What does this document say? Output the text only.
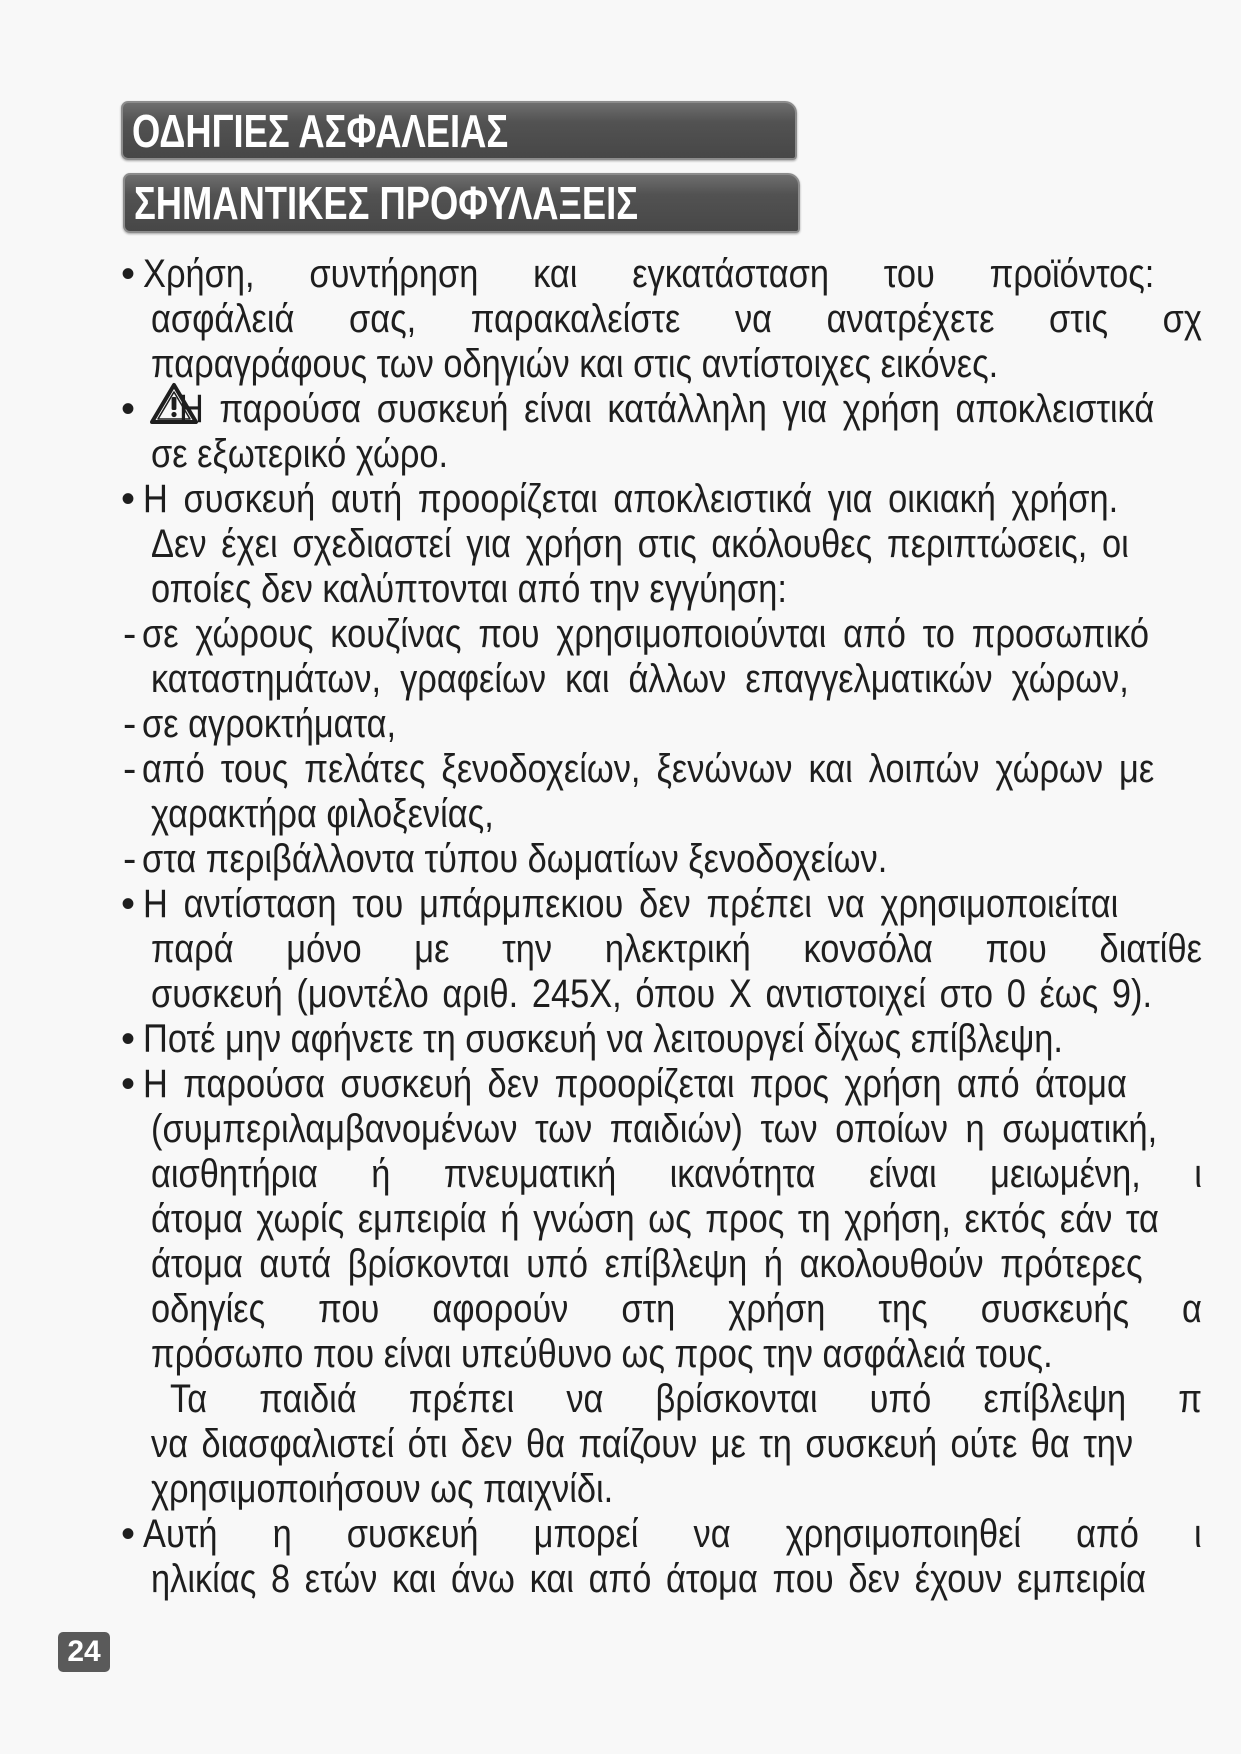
ΟΔΗΓΙΕΣ ΑΣΦΑΛΕΙΑΣ
ΣΗΜΑΝΤΙΚΕΣ ΠΡΟΦΥΛΑΞΕΙΣ
• Χρήση, συντήρηση και εγκατάσταση του προϊόντος:
ασφάλειά σας, παρακαλείστε να ανατρέχετε στις σχ
παραγράφους των οδηγιών και στις αντίστοιχες εικόνες.
• Η παρούσα συσκευή είναι κατάλληλη για χρήση αποκλειστικά
σε εξωτερικό χώρο.
• Η συσκευή αυτή προορίζεται αποκλειστικά για οικιακή χρήση.
Δεν έχει σχεδιαστεί για χρήση στις ακόλουθες περιπτώσεις, οι
οποίες δεν καλύπτονται από την εγγύηση:
- σε χώρους κουζίνας που χρησιμοποιούνται από το προσωπικό
καταστημάτων, γραφείων και άλλων επαγγελματικών χώρων,
- σε αγροκτήματα,
- από τους πελάτες ξενοδοχείων, ξενώνων και λοιπών χώρων με
χαρακτήρα φιλοξενίας,
- στα περιβάλλοντα τύπου δωματίων ξενοδοχείων.
• Η αντίσταση του μπάρμπεκιου δεν πρέπει να χρησιμοποιείται
παρά μόνο με την ηλεκτρική κονσόλα που διατίθε
συσκευή (μοντέλο αριθ. 245X, όπου X αντιστοιχεί στο 0 έως 9).
• Ποτέ μην αφήνετε τη συσκευή να λειτουργεί δίχως επίβλεψη.
• Η παρούσα συσκευή δεν προορίζεται προς χρήση από άτομα
(συμπεριλαμβανομένων των παιδιών) των οποίων η σωματική,
αισθητήρια ή πνευματική ικανότητα είναι μειωμένη, ι
άτομα χωρίς εμπειρία ή γνώση ως προς τη χρήση, εκτός εάν τα
άτομα αυτά βρίσκονται υπό επίβλεψη ή ακολουθούν πρότερες
οδηγίες που αφορούν στη χρήση της συσκευής α
πρόσωπο που είναι υπεύθυνο ως προς την ασφάλειά τους.
Τα παιδιά πρέπει να βρίσκονται υπό επίβλεψη π
να διασφαλιστεί ότι δεν θα παίζουν με τη συσκευή ούτε θα την
χρησιμοποιήσουν ως παιχνίδι.
• Αυτή η συσκευή μπορεί να χρησιμοποιηθεί από ι
ηλικίας 8 ετών και άνω και από άτομα που δεν έχουν εμπειρία
24
